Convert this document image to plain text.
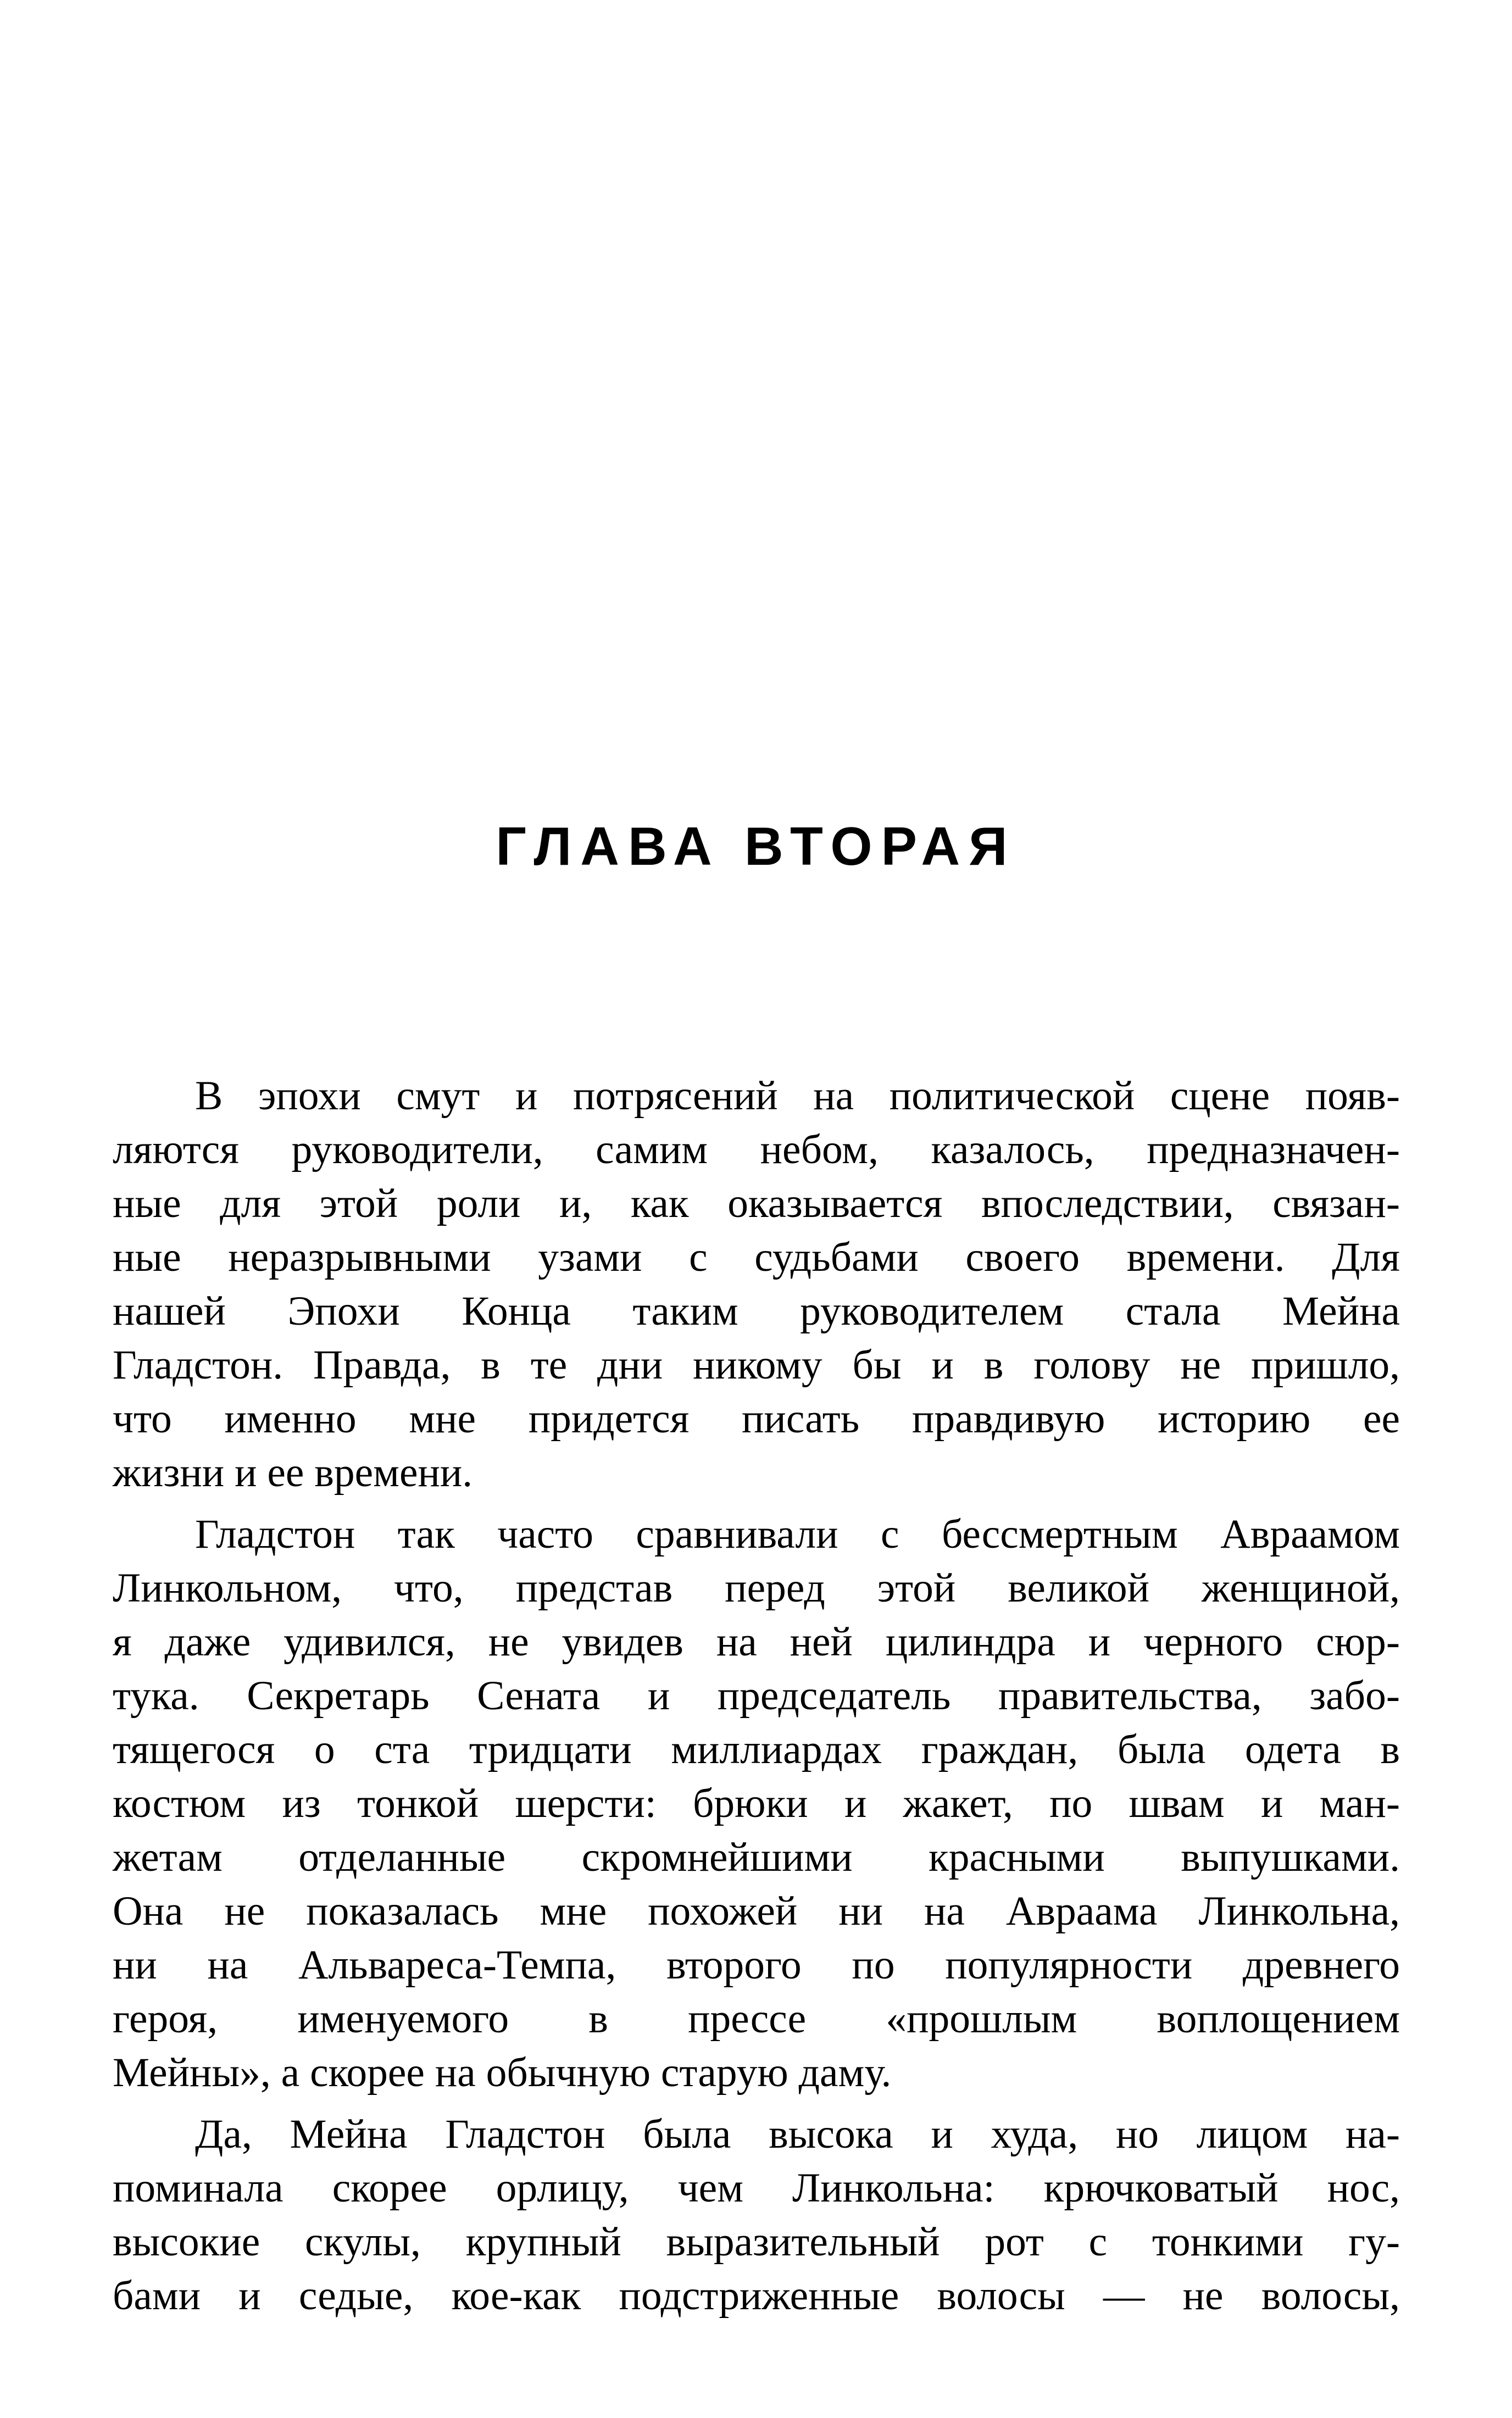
ГЛАВА ВТОРАЯ
В эпохи смут и потрясений на политической сцене появ-
ляются руководители, самим небом, казалось, предназначен-
ные для этой роли и, как оказывается впоследствии, связан-
ные неразрывными узами с судьбами своего времени. Для
нашей Эпохи Конца таким руководителем стала Мейна
Гладстон. Правда, в те дни никому бы и в голову не пришло,
что именно мне придется писать правдивую историю ее
жизни и ее времени.
Гладстон так часто сравнивали с бессмертным Авраамом
Линкольном, что, представ перед этой великой женщиной,
я даже удивился, не увидев на ней цилиндра и черного сюр-
тука. Секретарь Сената и председатель правительства, забо-
тящегося о ста тридцати миллиардах граждан, была одета в
костюм из тонкой шерсти: брюки и жакет, по швам и ман-
жетам отделанные скромнейшими красными выпушками.
Она не показалась мне похожей ни на Авраама Линкольна,
ни на Альвареса-Темпа, второго по популярности древнего
героя, именуемого в прессе «прошлым воплощением
Мейны», а скорее на обычную старую даму.
Да, Мейна Гладстон была высока и худа, но лицом на-
поминала скорее орлицу, чем Линкольна: крючковатый нос,
высокие скулы, крупный выразительный рот с тонкими гу-
бами и седые, кое-как подстриженные волосы — не волосы,
